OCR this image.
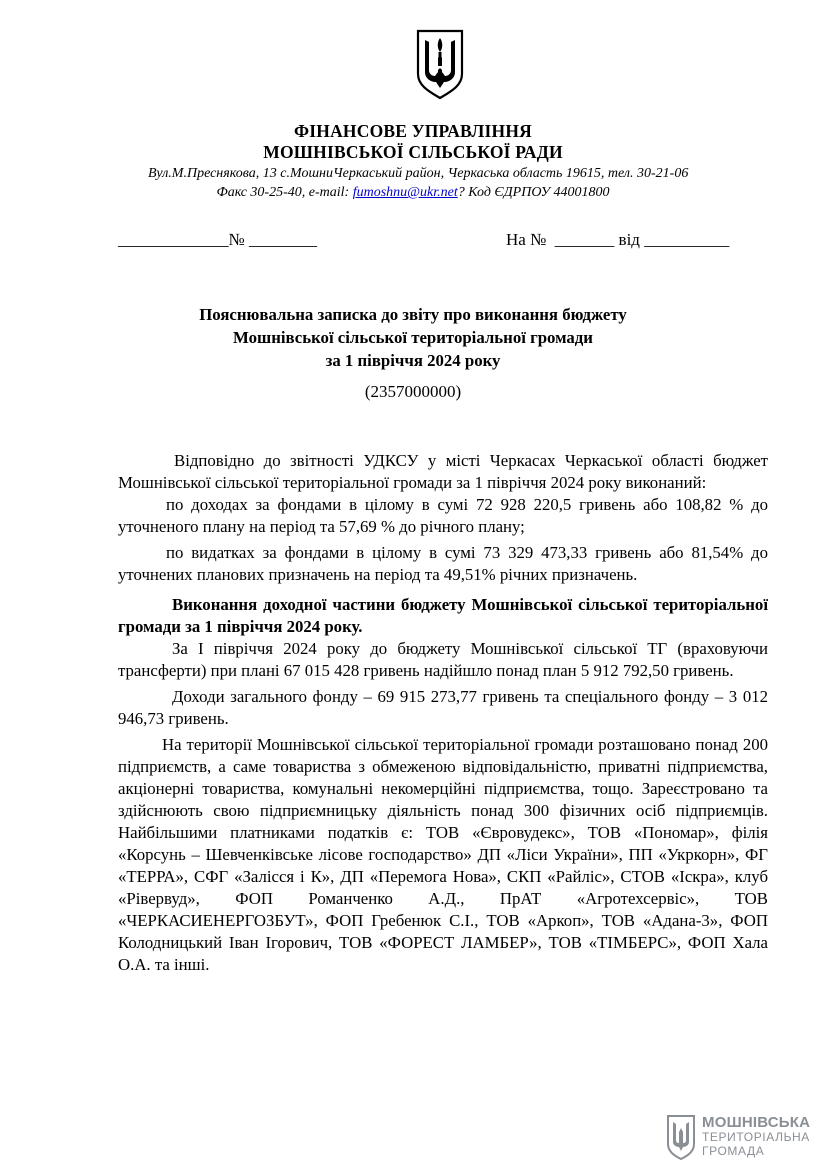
ФІНАНСОВЕ УПРАВЛІННЯ
МОШНІВСЬКОЇ СІЛЬСЬКОЇ РАДИ
Вул.М.Преснякова, 13 с.МошниЧеркаський район, Черкаська область 19615, тел. 30-21-06
Факс 30-25-40, e-mail: fumoshnu@ukr.net? Код ЄДРПОУ 44001800
_____________№ ________	На №  _______ від __________
Пояснювальна записка до звіту про виконання бюджету
Мошнівської сільської територіальної громади
за 1 півріччя 2024 року
(2357000000)

Відповідно до звітності УДКСУ у місті Черкасах Черкаської області бюджет Мошнівської сільської територіальної громади за 1 півріччя 2024 року виконаний:

по доходах за фондами в цілому в сумі 72 928 220,5 гривень або 108,82 % до уточненого плану на період та 57,69 % до річного плану;

по видатках за фондами в цілому в сумі 73 329 473,33 гривень або 81,54% до уточнених планових призначень на період та 49,51% річних призначень.

Виконання доходної частини бюджету Мошнівської сільської територіальної громади за 1 півріччя 2024 року.

За І півріччя 2024 року до бюджету Мошнівської сільської ТГ (враховуючи трансферти) при плані 67 015 428 гривень надійшло понад план 5 912 792,50 гривень.

Доходи загального фонду – 69 915 273,77 гривень та спеціального фонду – 3 012 946,73 гривень.

На території Мошнівської сільської територіальної громади розташовано понад 200 підприємств, а саме товариства з обмеженою відповідальністю, приватні підприємства, акціонерні товариства, комунальні некомерційні підприємства, тощо. Зареєстровано та здійснюють свою підприємницьку діяльність понад 300 фізичних осіб підприємців. Найбільшими платниками податків є: ТОВ «Євровудекс», ТОВ «Пономар», філія «Корсунь – Шевченківське лісове господарство» ДП «Ліси України», ПП «Укркорн», ФГ «ТЕРРА», СФГ «Залісся і К», ДП «Перемога Нова», СКП «Райліс», СТОВ «Іскра», клуб «Рівервуд», ФОП Романченко А.Д., ПрАТ «Агротехсервіс», ТОВ «ЧЕРКАСИЕНЕРГОЗБУТ», ФОП Гребенюк С.І., ТОВ «Аркоп», ТОВ «Адана-3», ФОП Колодницький Іван Ігорович, ТОВ «ФОРЕСТ ЛАМБЕР», ТОВ «ТІМБЕРС», ФОП Хала О.А. та інші.

МОШНІВСЬКА
ТЕРИТОРІАЛЬНА
ГРОМАДА
